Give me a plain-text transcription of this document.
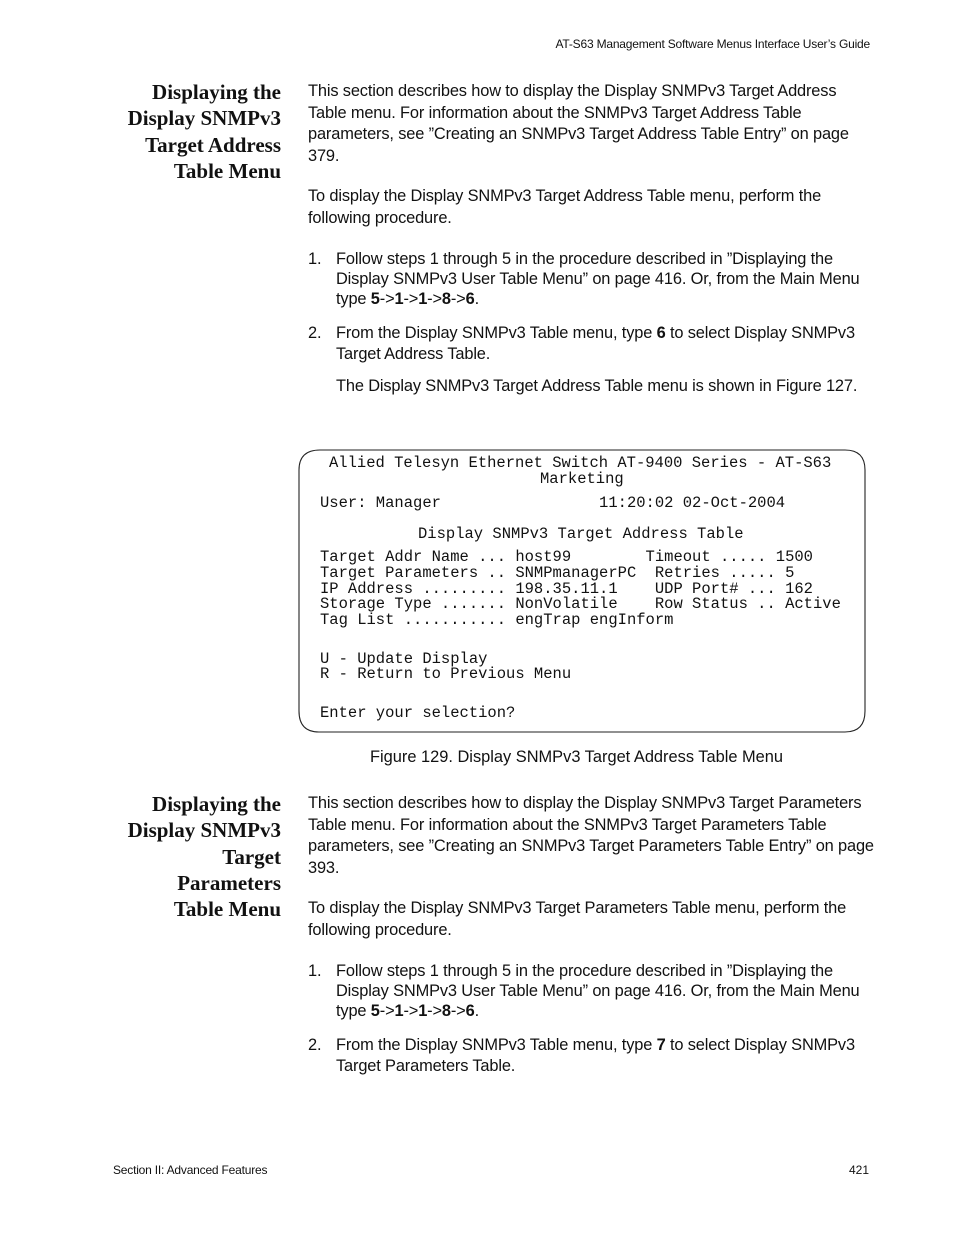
AT-S63 Management Software Menus Interface User’s Guide
Displaying the
Display SNMPv3
Target Address
Table Menu

This section describes how to display the Display SNMPv3 Target Address Table menu. For information about the SNMPv3 Target Address Table parameters, see ”Creating an SNMPv3 Target Address Table Entry” on page 379.

To display the Display SNMPv3 Target Address Table menu, perform the following procedure.

1. Follow steps 1 through 5 in the procedure described in ”Displaying the Display SNMPv3 User Table Menu” on page 416. Or, from the Main Menu type 5->1->1->8->6.
2. From the Display SNMPv3 Table menu, type 6 to select Display SNMPv3 Target Address Table.

The Display SNMPv3 Target Address Table menu is shown in Figure 127.

Allied Telesyn Ethernet Switch AT-9400 Series - AT-S63
Marketing
User: Manager                 11:20:02 02-Oct-2004
Display SNMPv3 Target Address Table
Target Addr Name ... host99        Timeout ..... 1500
Target Parameters .. SNMPmanagerPC  Retries ..... 5
IP Address ......... 198.35.11.1    UDP Port# ... 162
Storage Type ....... NonVolatile    Row Status .. Active
Tag List ........... engTrap engInform
U - Update Display
R - Return to Previous Menu
Enter your selection?
Figure 129. Display SNMPv3 Target Address Table Menu
Displaying the
Display SNMPv3
Target
Parameters
Table Menu

This section describes how to display the Display SNMPv3 Target Parameters Table menu. For information about the SNMPv3 Target Parameters Table parameters, see ”Creating an SNMPv3 Target Parameters Table Entry” on page 393.

To display the Display SNMPv3 Target Parameters Table menu, perform the following procedure.

1. Follow steps 1 through 5 in the procedure described in ”Displaying the Display SNMPv3 User Table Menu” on page 416. Or, from the Main Menu type 5->1->1->8->6.
2. From the Display SNMPv3 Table menu, type 7 to select Display SNMPv3 Target Parameters Table.
Section II: Advanced Features	421
